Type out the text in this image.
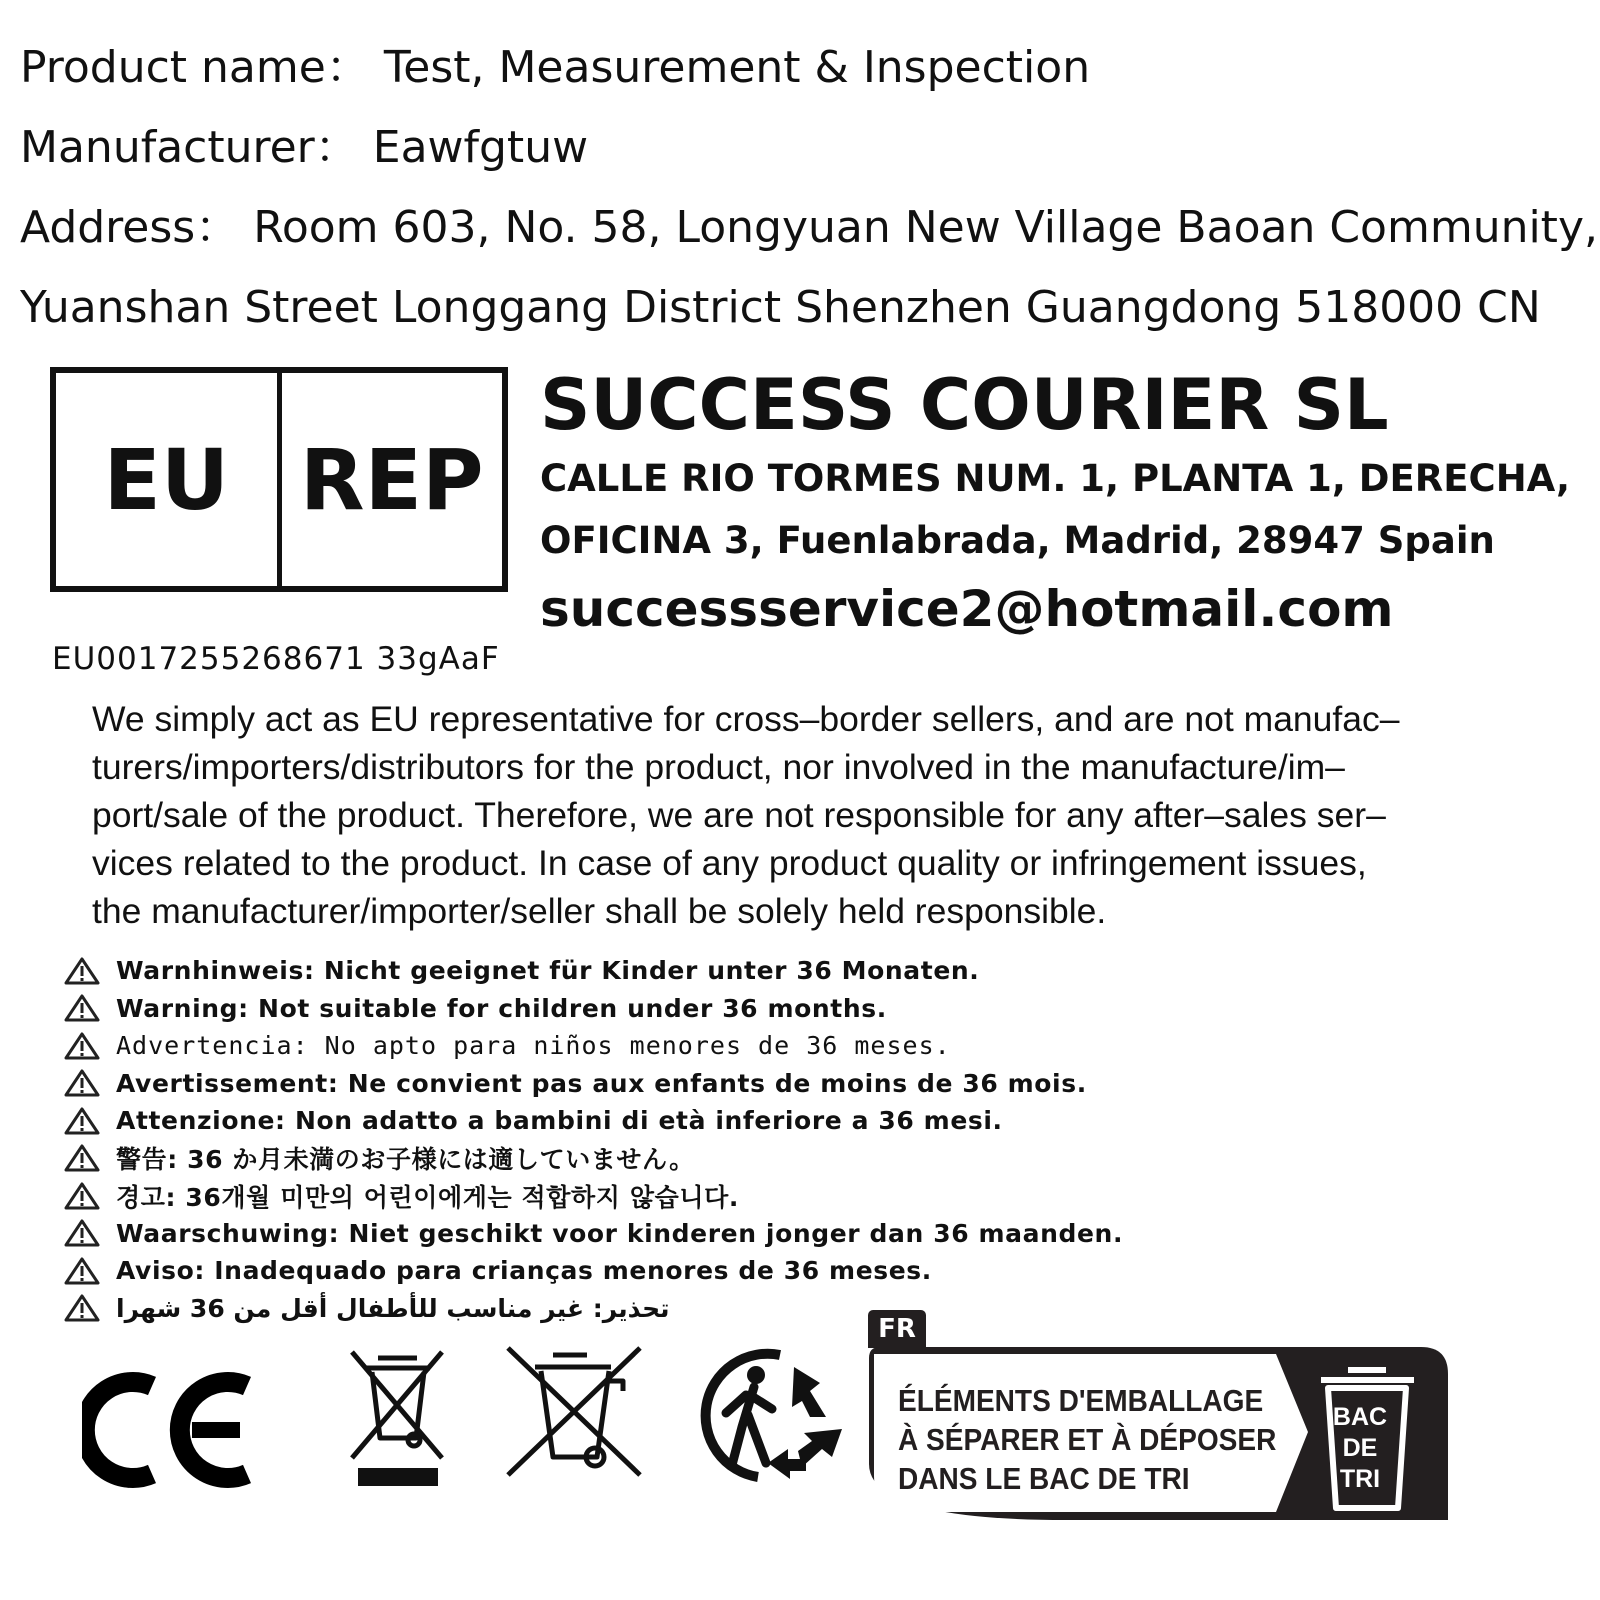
Product name： Test, Measurement & Inspection
Manufacturer： Eawfgtuw
Address： Room 603, No. 58, Longyuan New Village Baoan Community,
Yuanshan Street Longgang District Shenzhen Guangdong 518000 CN
EU REP
EU0017255268671 33gAaF
SUCCESS COURIER SL
CALLE RIO TORMES NUM. 1, PLANTA 1, DERECHA,
OFICINA 3, Fuenlabrada, Madrid, 28947 Spain
successservice2@hotmail.com
We simply act as EU representative for cross–border sellers, and are not manufac–
turers/importers/distributors for the product, nor involved in the manufacture/im–
port/sale of the product. Therefore, we are not responsible for any after–sales ser–
vices related to the product. In case of any product quality or infringement issues,
the manufacturer/importer/seller shall be solely held responsible.
Warnhinweis: Nicht geeignet für Kinder unter 36 Monaten.
Warning: Not suitable for children under 36 months.
Advertencia: No apto para niños menores de 36 meses.
Avertissement: Ne convient pas aux enfants de moins de 36 mois.
Attenzione: Non adatto a bambini di età inferiore a 36 mesi.
警告: 36 か月未満のお子様には適していません。
경고: 36개월 미만의 어린이에게는 적합하지 않습니다.
Waarschuwing: Niet geschikt voor kinderen jonger dan 36 maanden.
Aviso: Inadequado para crianças menores de 36 meses.
تحذير: غير مناسب للأطفال أقل من 36 شهرا
FR
ÉLÉMENTS D'EMBALLAGE
À SÉPARER ET À DÉPOSER
DANS LE BAC DE TRI
BAC
DE
TRI
